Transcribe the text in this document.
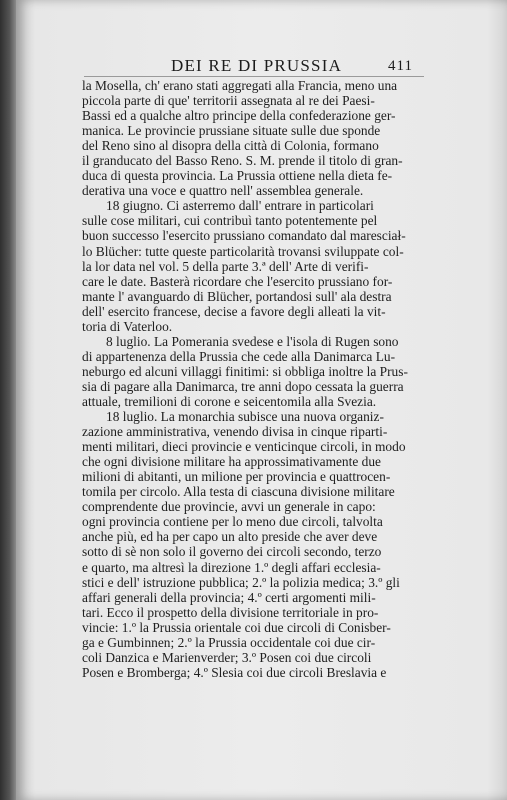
DEI RE DI PRUSSIA	411
la Mosella, ch' erano stati aggregati alla Francia, meno una
piccola parte di que' territorii assegnata al re dei Paesi-
Bassi ed a qualche altro principe della confederazione ger-
manica. Le provincie prussiane situate sulle due sponde
del Reno sino al disopra della città di Colonia, formano
il granducato del Basso Reno. S. M. prende il titolo di gran-
duca di questa provincia. La Prussia ottiene nella dieta fe-
derativa una voce e quattro nell' assemblea generale.
18 giugno. Ci asterremo dall' entrare in particolari
sulle cose militari, cui contribuì tanto potentemente pel
buon successo l'esercito prussiano comandato dal maresciał-
lo Blücher: tutte queste particolarità trovansi sviluppate col-
la lor data nel vol. 5 della parte 3.ª dell' Arte di verifi-
care le date. Basterà ricordare che l'esercito prussiano for-
mante l' avanguardo di Blücher, portandosi sull' ala destra
dell' esercito francese, decise a favore degli alleati la vit-
toria di Vaterloo.
8 luglio. La Pomerania svedese e l'isola di Rugen sono
di appartenenza della Prussia che cede alla Danimarca Lu-
neburgo ed alcuni villaggi finitimi: si obbliga inoltre la Prus-
sia di pagare alla Danimarca, tre anni dopo cessata la guerra
attuale, tremilioni di corone e seicentomila alla Svezia.
18 luglio. La monarchia subisce una nuova organiz-
zazione amministrativa, venendo divisa in cinque riparti-
menti militari, dieci provincie e venticinque circoli, in modo
che ogni divisione militare ha approssimativamente due
milioni di abitanti, un milione per provincia e quattrocen-
tomila per circolo. Alla testa di ciascuna divisione militare
comprendente due provincie, avvi un generale in capo:
ogni provincia contiene per lo meno due circoli, talvolta
anche più, ed ha per capo un alto preside che aver deve
sotto di sè non solo il governo dei circoli secondo, terzo
e quarto, ma altresì la direzione 1.º degli affari ecclesia-
stici e dell' istruzione pubblica; 2.º la polizia medica; 3.º gli
affari generali della provincia; 4.º certi argomenti mili-
tari. Ecco il prospetto della divisione territoriale in pro-
vincie: 1.º la Prussia orientale coi due circoli di Conisber-
ga e Gumbinnen; 2.º la Prussia occidentale coi due cir-
coli Danzica e Marienverder; 3.º Posen coi due circoli
Posen e Bromberga; 4.º Slesia coi due circoli Breslavia e
